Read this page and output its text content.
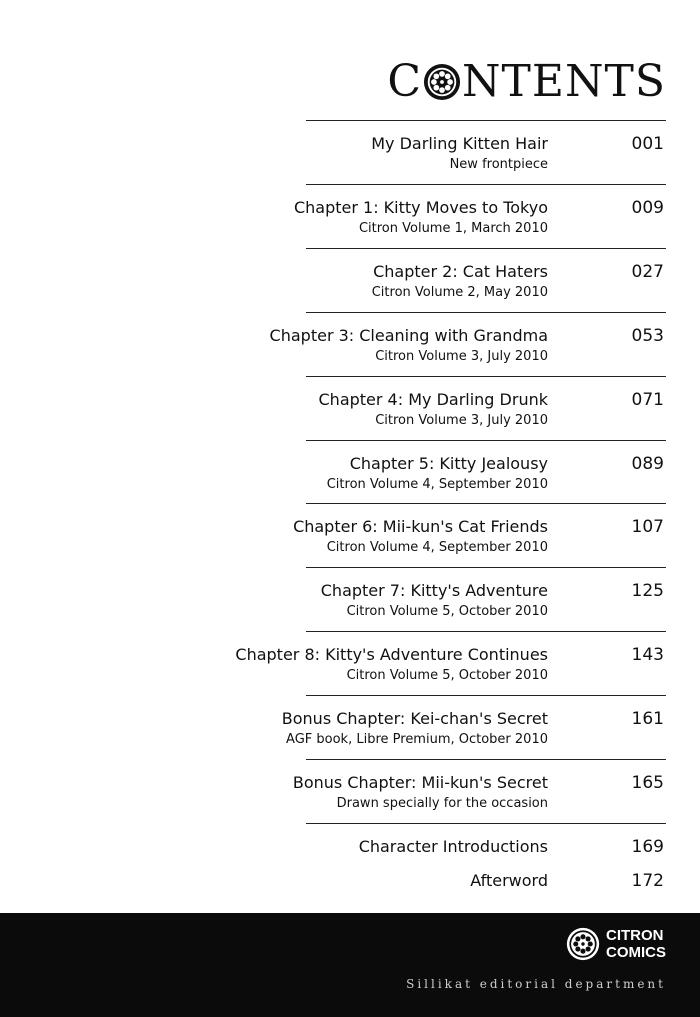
C NTENTS
My Darling Kitten Hair
New frontpiece
001
Chapter 1: Kitty Moves to Tokyo
Citron Volume 1, March 2010
009
Chapter 2: Cat Haters
Citron Volume 2, May 2010
027
Chapter 3: Cleaning with Grandma
Citron Volume 3, July 2010
053
Chapter 4: My Darling Drunk
Citron Volume 3, July 2010
071
Chapter 5: Kitty Jealousy
Citron Volume 4, September 2010
089
Chapter 6: Mii-kun's Cat Friends
Citron Volume 4, September 2010
107
Chapter 7: Kitty's Adventure
Citron Volume 5, October 2010
125
Chapter 8: Kitty's Adventure Continues
Citron Volume 5, October 2010
143
Bonus Chapter: Kei-chan's Secret
AGF book, Libre Premium, October 2010
161
Bonus Chapter: Mii-kun's Secret
Drawn specially for the occasion
165
Character Introductions	169
Afterword	172
CITRON
COMICS
Sillikat editorial department
